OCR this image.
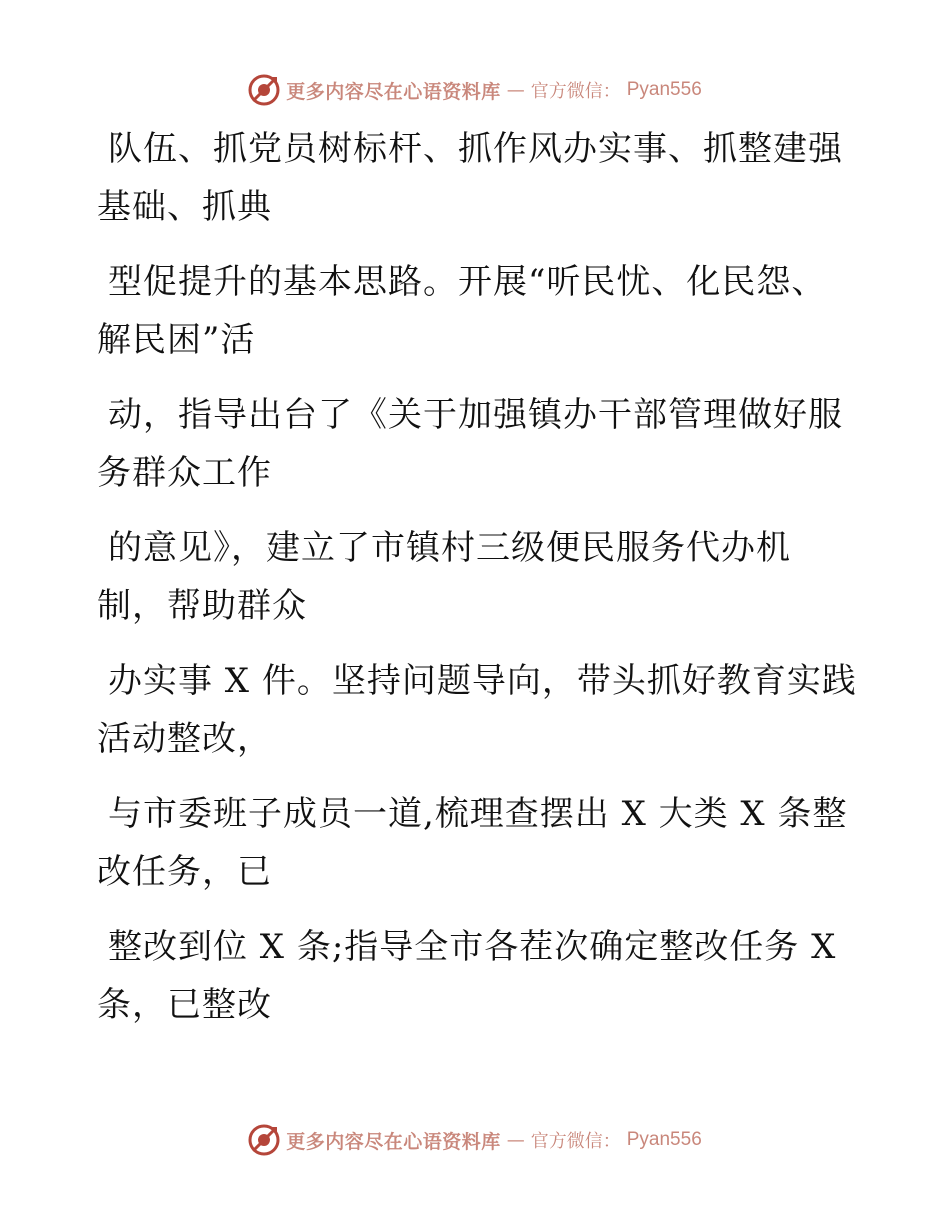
更多内容尽在心语资料库 — 官方微信： Pyan556
队伍、抓党员树标杆、抓作风办实事、抓整建强
基础、抓典
型促提升的基本思路。开展“听民忧、化民怨、
解民困”活
动，指导出台了《关于加强镇办干部管理做好服
务群众工作
的意见》，建立了市镇村三级便民服务代办机
制，帮助群众
办实事 X 件。坚持问题导向，带头抓好教育实践
活动整改，
与市委班子成员一道,梳理查摆出 X 大类 X 条整
改任务，已
整改到位 X 条;指导全市各茬次确定整改任务 X
条，已整改
更多内容尽在心语资料库 — 官方微信： Pyan556
